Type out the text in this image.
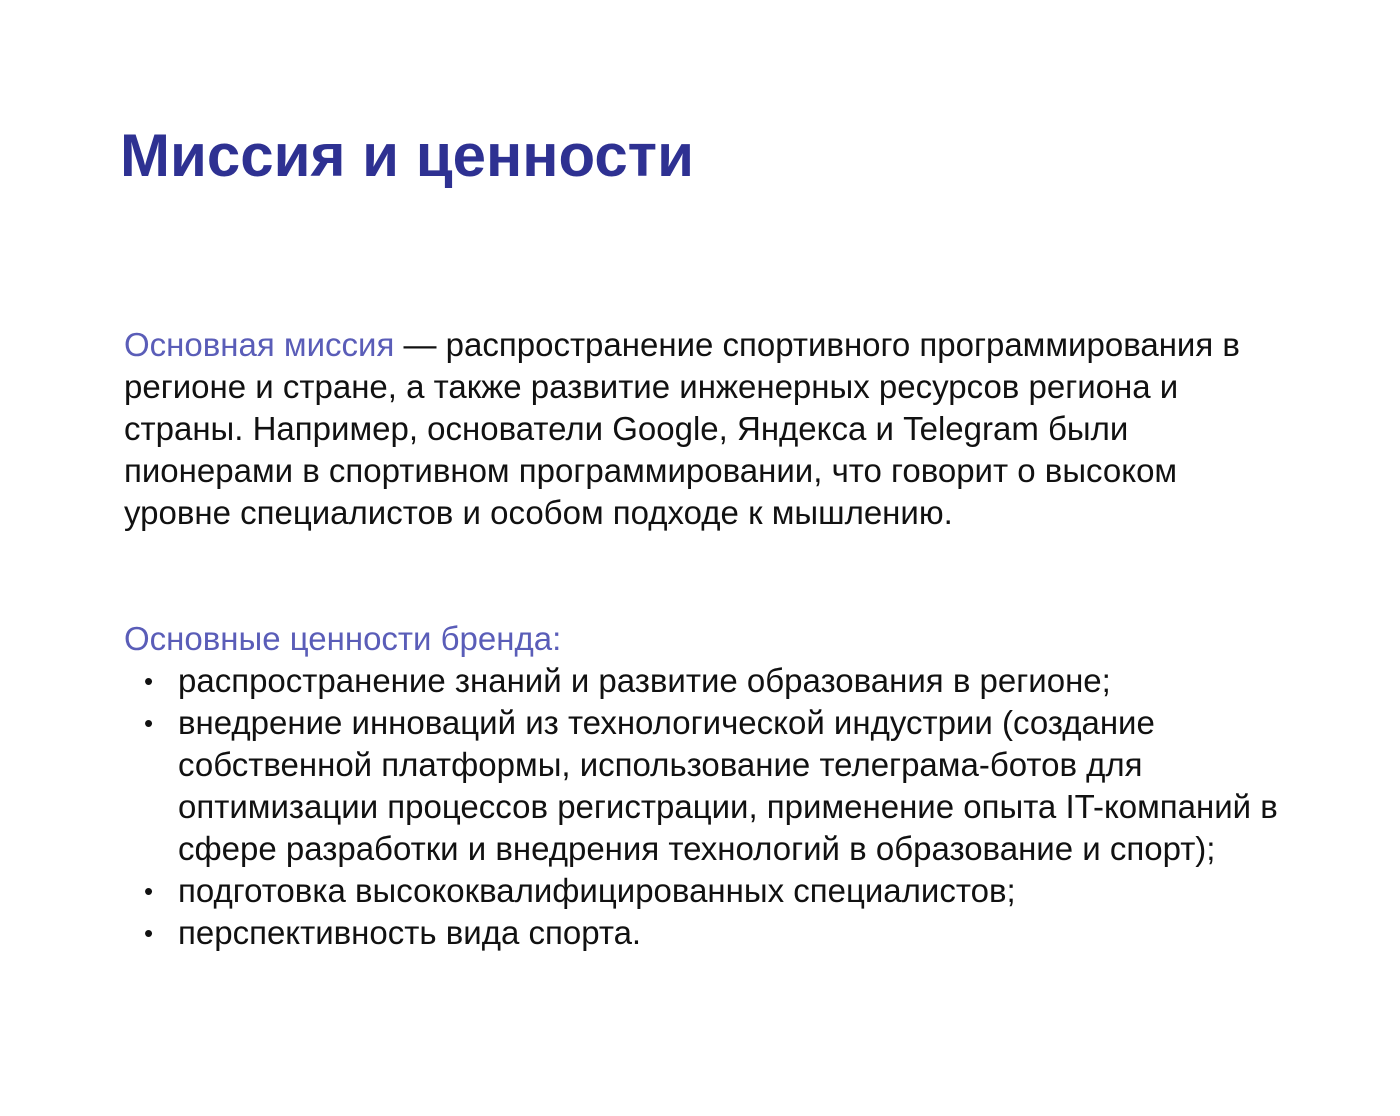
Миссия и ценности

Основная миссия — распространение спортивного программирования в регионе и стране, а также развитие инженерных ресурсов региона и страны. Например, основатели Google, Яндекса и Telegram были пионерами в спортивном программировании, что говорит о высоком уровне специалистов и особом подходе к мышлению.

Основные ценности бренда:
• распространение знаний и развитие образования в регионе;
• внедрение инноваций из технологической индустрии (создание собственной платформы, использование телеграма-ботов для оптимизации процессов регистрации, применение опыта IT-компаний в сфере разработки и внедрения технологий в образование и спорт);
• подготовка высококвалифицированных специалистов;
• перспективность вида спорта.
